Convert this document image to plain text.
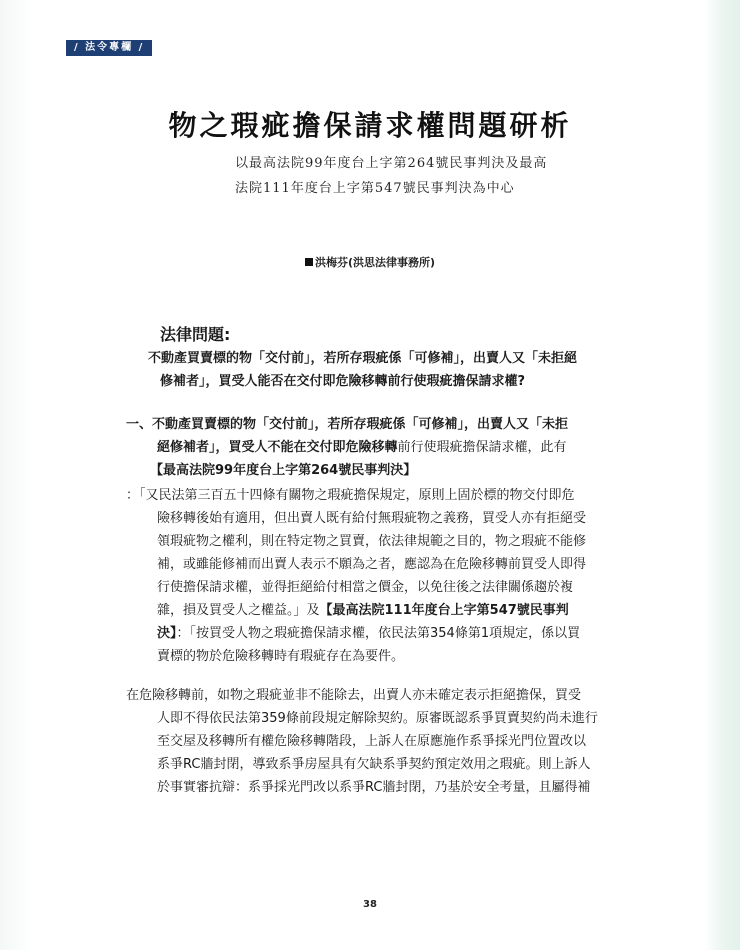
/ 法令專欄 /
物之瑕疵擔保請求權問題研析
以最高法院99年度台上字第264號民事判決及最高
法院111年度台上字第547號民事判決為中心
洪梅芬(洪思法律事務所)
法律問題:
不動產買賣標的物「交付前」，若所存瑕疵係「可修補」，出賣人又「未拒絕
修補者」，買受人能否在交付即危險移轉前行使瑕疵擔保請求權?
一、不動產買賣標的物「交付前」，若所存瑕疵係「可修補」，出賣人又「未拒
絕修補者」，買受人不能在交付即危險移轉前行使瑕疵擔保請求權，此有
【最高法院99年度台上字第264號民事判決】
：「又民法第三百五十四條有關物之瑕疵擔保規定，原則上固於標的物交付即危
險移轉後始有適用，但出賣人既有給付無瑕疵物之義務，買受人亦有拒絕受
領瑕疵物之權利，則在特定物之買賣，依法律規範之目的，物之瑕疵不能修
補，或雖能修補而出賣人表示不願為之者，應認為在危險移轉前買受人即得
行使擔保請求權，並得拒絕給付相當之價金，以免往後之法律關係趨於複
雜，損及買受人之權益。」及【最高法院111年度台上字第547號民事判
決】：「按買受人物之瑕疵擔保請求權，依民法第354條第1項規定，係以買
賣標的物於危險移轉時有瑕疵存在為要件。
在危險移轉前，如物之瑕疵並非不能除去，出賣人亦未確定表示拒絕擔保，買受
人即不得依民法第359條前段規定解除契約。原審既認系爭買賣契約尚未進行
至交屋及移轉所有權危險移轉階段，上訴人在原應施作系爭採光門位置改以
系爭RC牆封閉，導致系爭房屋具有欠缺系爭契約預定效用之瑕疵。則上訴人
於事實審抗辯：系爭採光門改以系爭RC牆封閉，乃基於安全考量，且屬得補
38
